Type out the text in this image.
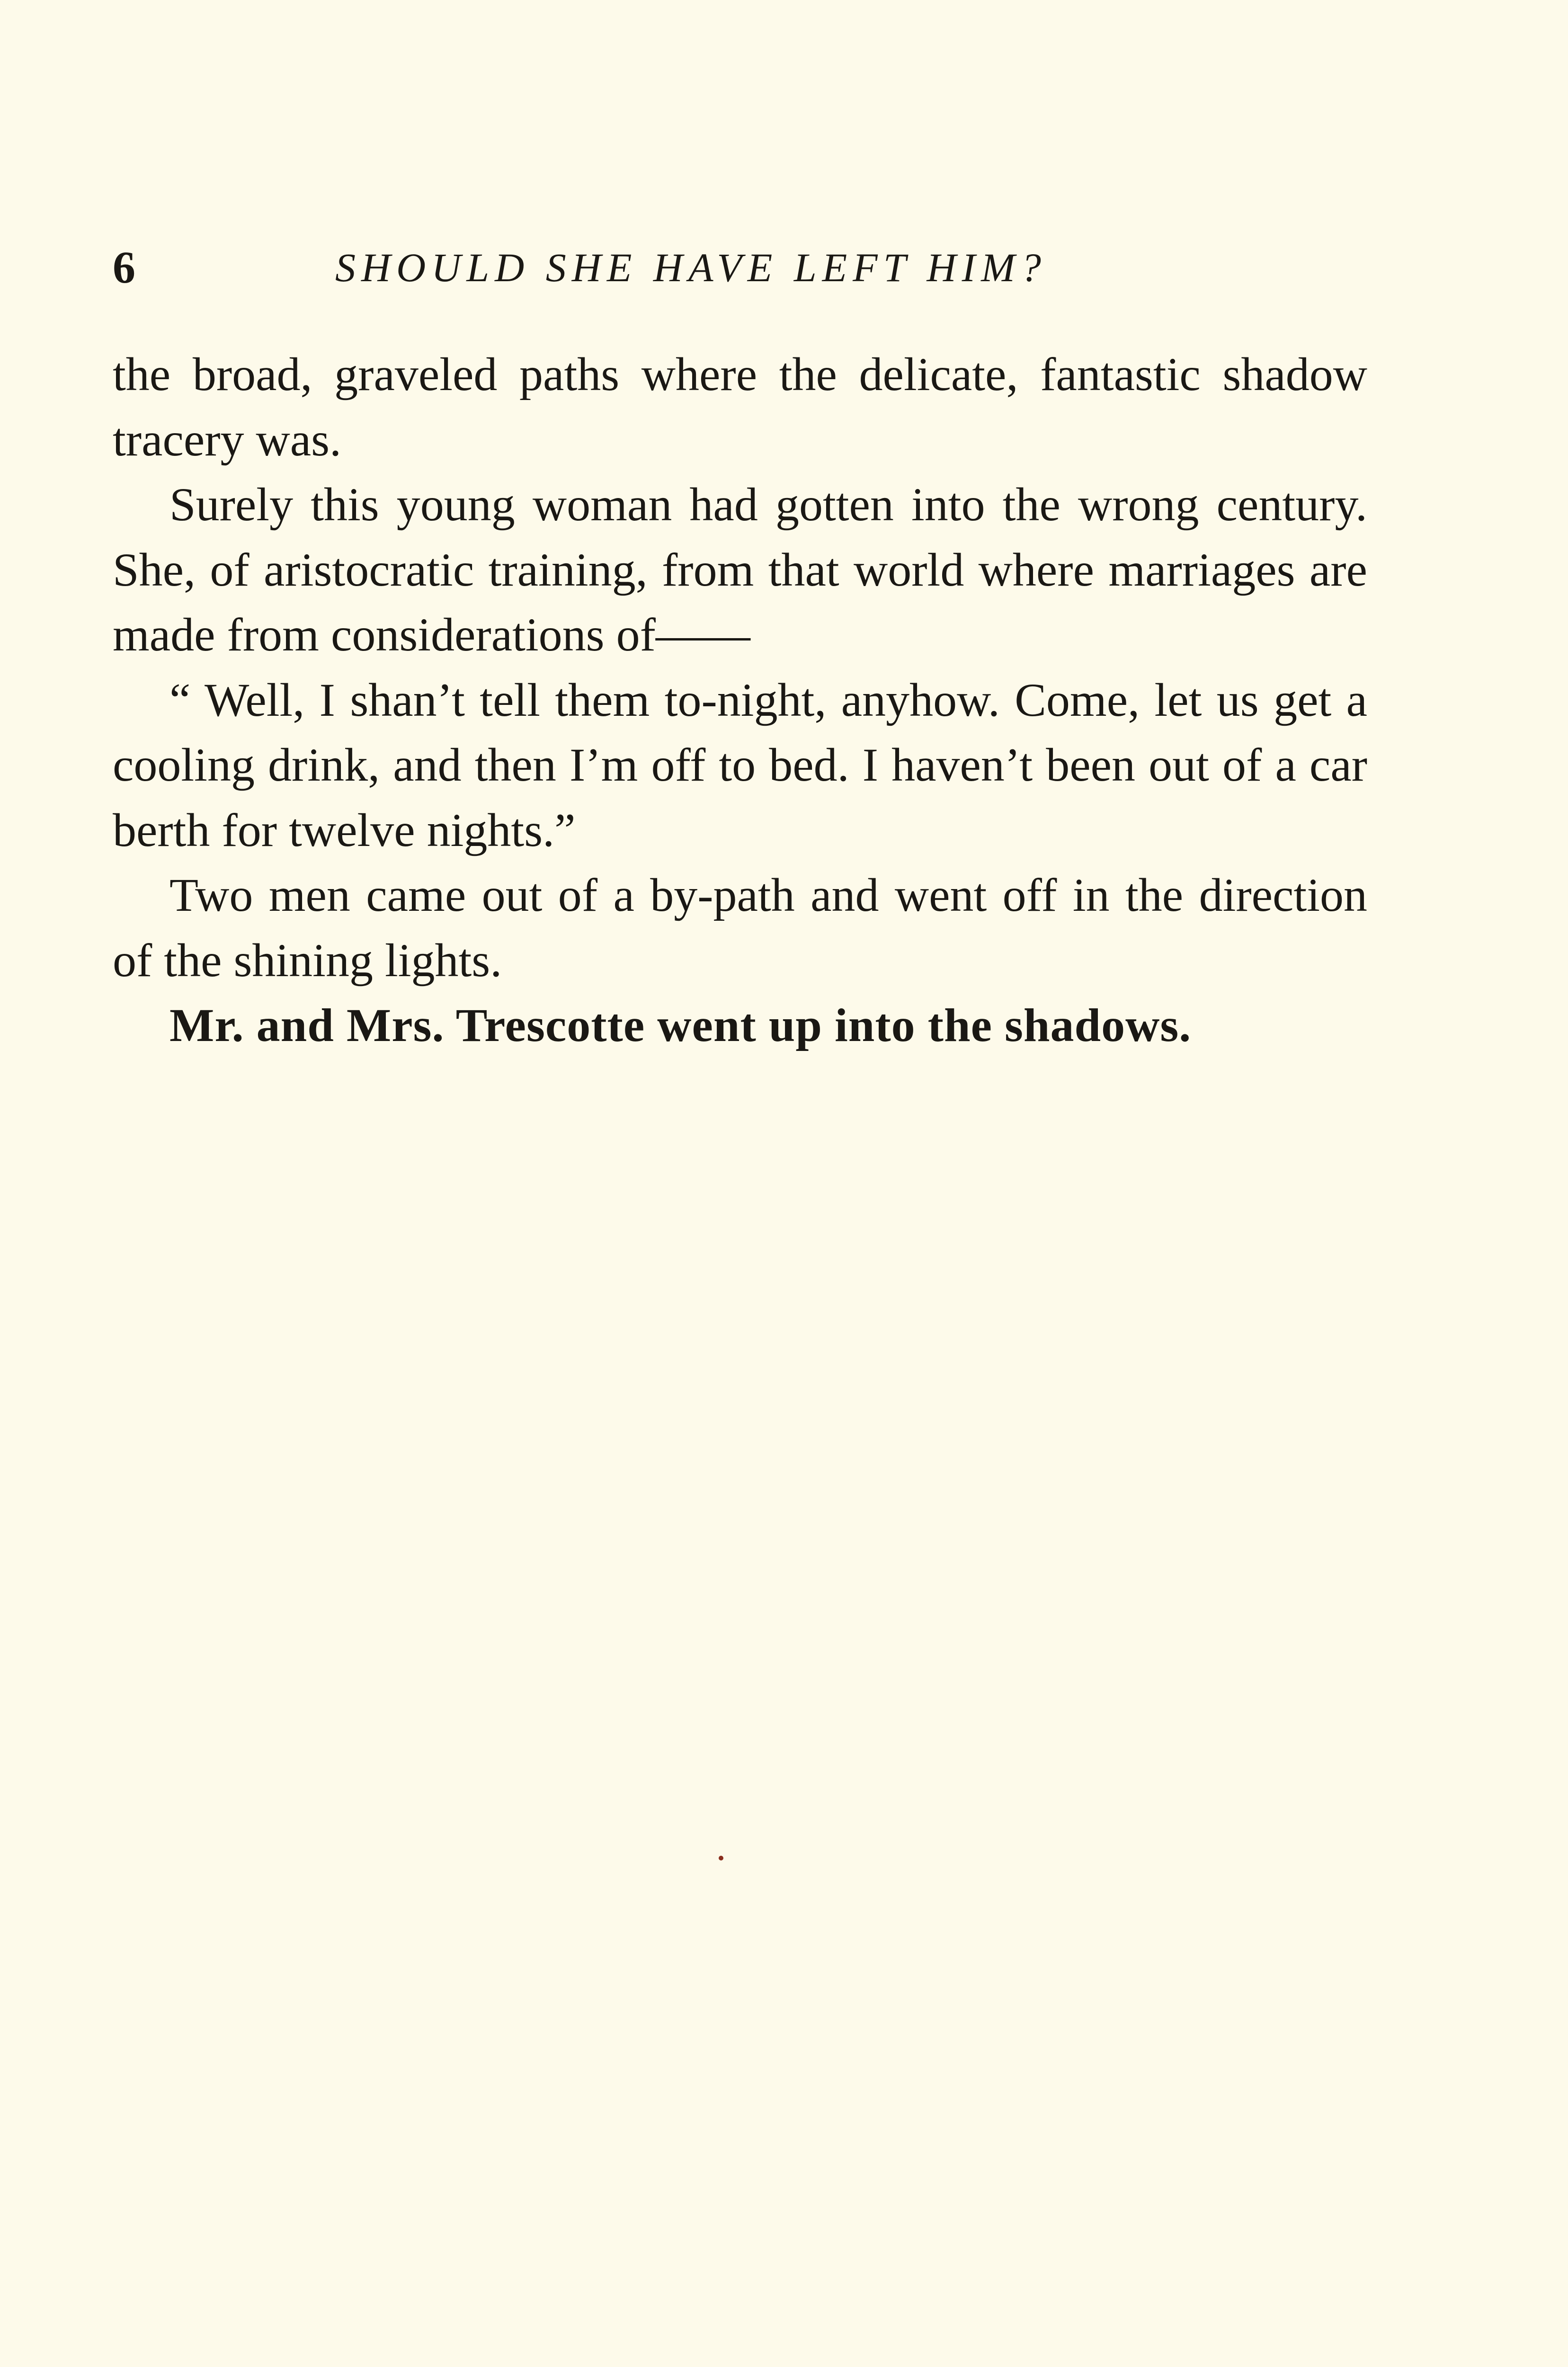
6	SHOULD SHE HAVE LEFT HIM?

the broad, graveled paths where the delicate, fantastic shadow tracery was.

Surely this young woman had gotten into the wrong century. She, of aristocratic training, from that world where marriages are made from considerations of——

“ Well, I shan’t tell them to-night, anyhow. Come, let us get a cooling drink, and then I’m off to bed. I haven’t been out of a car berth for twelve nights.”

Two men came out of a by-path and went off in the direction of the shining lights.

Mr. and Mrs. Trescotte went up into the shadows.
